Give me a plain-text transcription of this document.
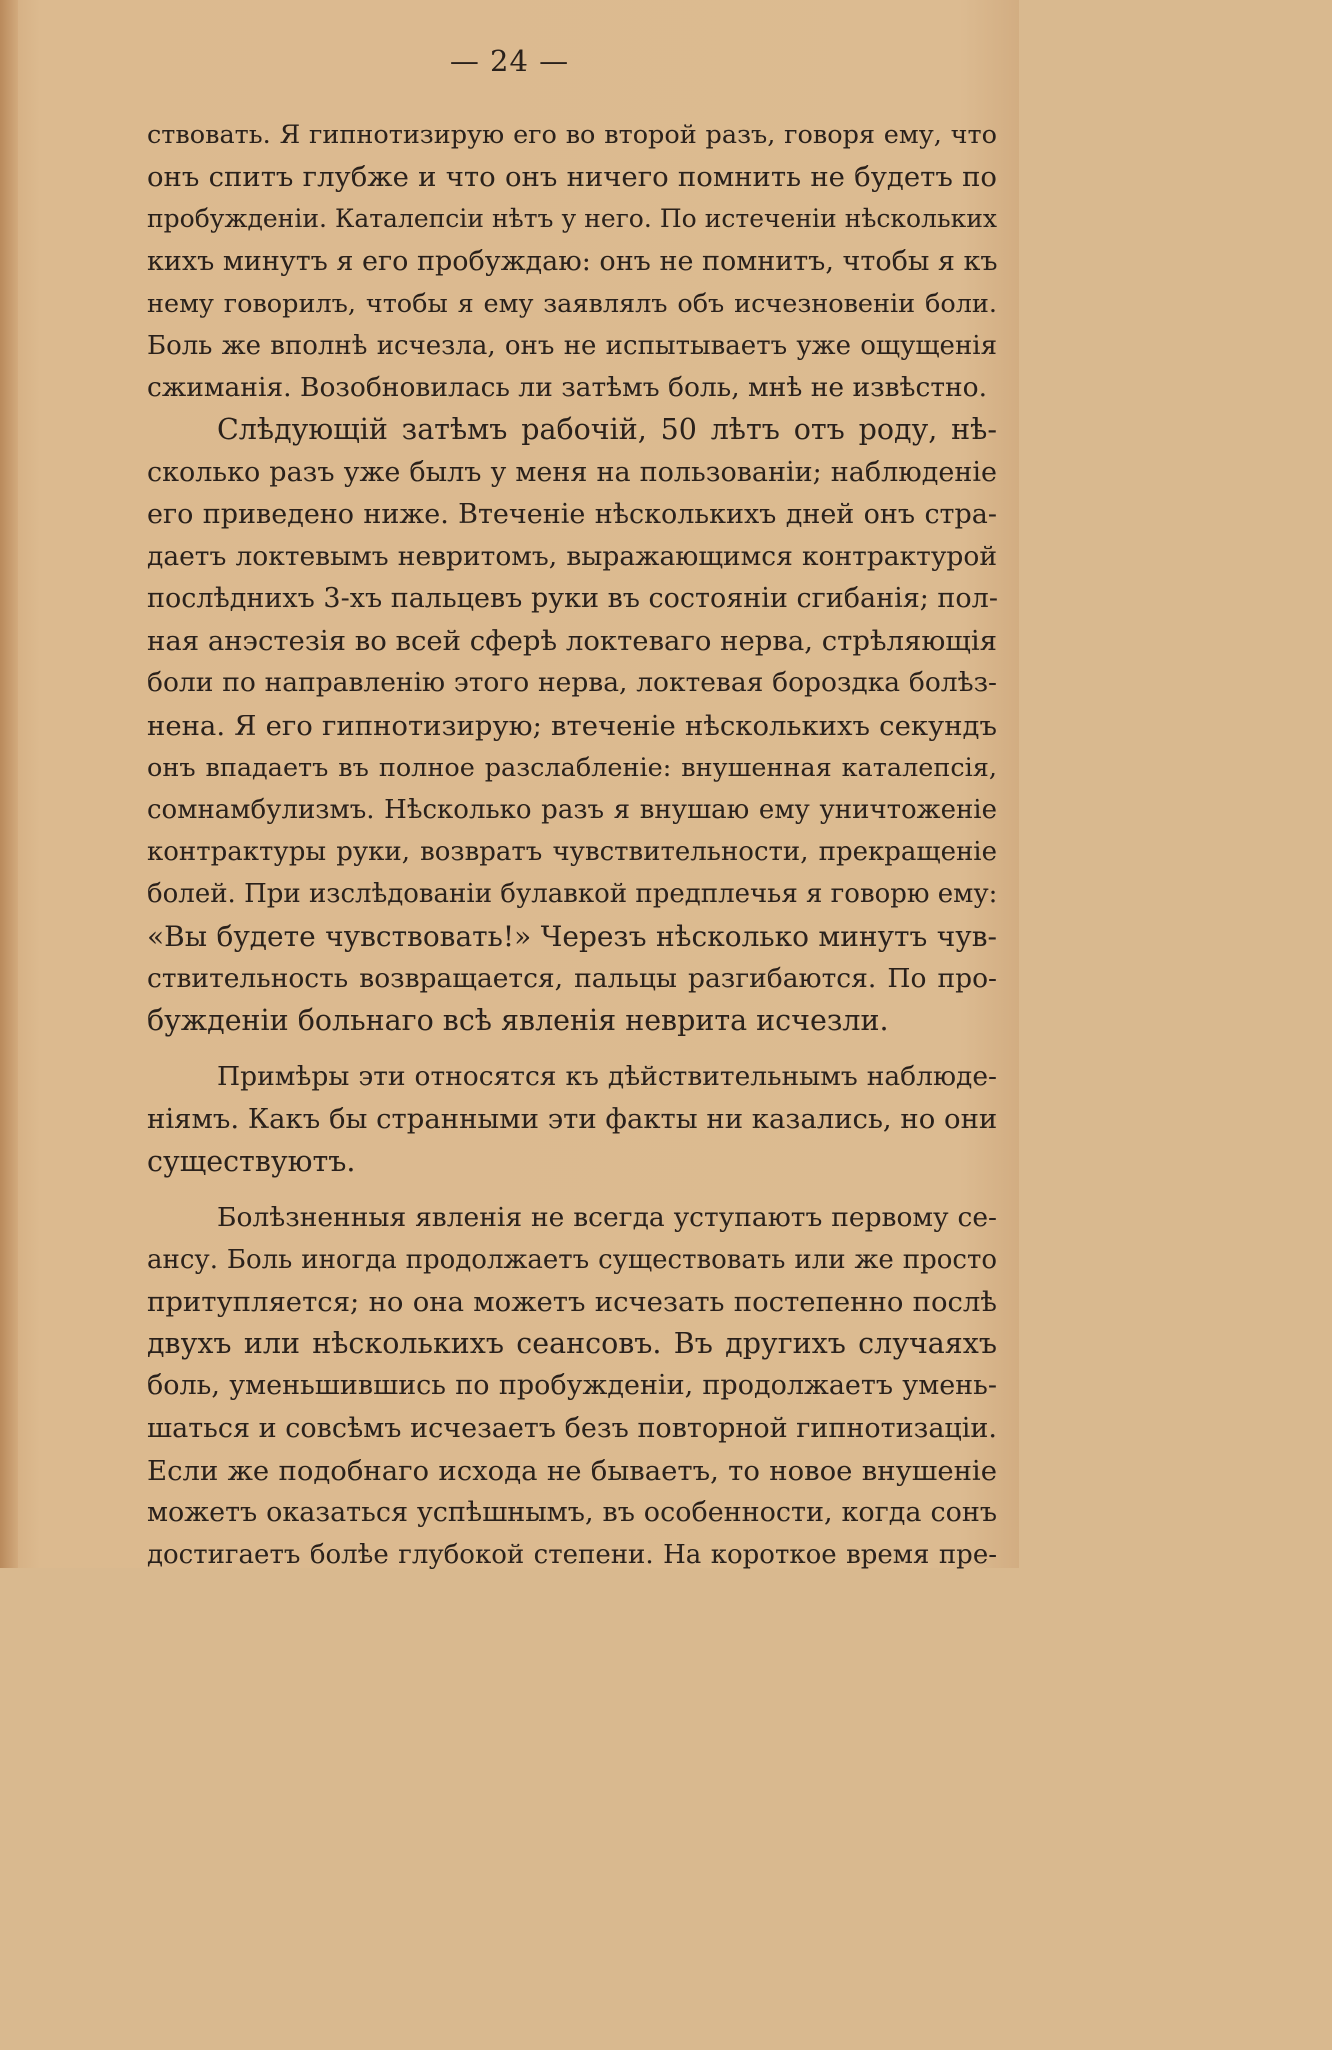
— 24 —
ствовать. Я гипнотизирую его во второй разъ, говоря ему, что
онъ спитъ глубже и что онъ ничего помнить не будетъ по
пробужденiи. Каталепсiи нѣтъ у него. По истеченiи нѣскольких
кихъ минутъ я его пробуждаю: онъ не помнитъ, чтобы я къ
нему говорилъ, чтобы я ему заявлялъ объ исчезновенiи боли.
Боль же вполнѣ исчезла, онъ не испытываетъ уже ощущенiя
сжиманiя. Возобновилась ли затѣмъ боль, мнѣ не извѣстно.
Слѣдующiй затѣмъ рабочiй, 50 лѣтъ отъ роду, нѣ-
сколько разъ уже былъ у меня на пользованiи; наблюденiе
его приведено ниже. Втеченiе нѣсколькихъ дней онъ стра-
даетъ локтевымъ невритомъ, выражающимся контрактурой
послѣднихъ 3-хъ пальцевъ руки въ состоянiи сгибанiя; пол-
ная анэстезiя во всей сферѣ локтеваго нерва, стрѣляющiя
боли по направленiю этого нерва, локтевая бороздка болѣз-
нена. Я его гипнотизирую; втеченiе нѣсколькихъ секундъ
онъ впадаетъ въ полное разслабленiе: внушенная каталепсiя,
сомнамбулизмъ. Нѣсколько разъ я внушаю ему уничтоженiе
контрактуры руки, возвратъ чувствительности, прекращенiе
болей. При изслѣдованiи булавкой предплечья я говорю ему:
«Вы будете чувствовать!» Черезъ нѣсколько минутъ чув-
ствительность возвращается, пальцы разгибаются. По про-
бужденiи больнаго всѣ явленiя неврита исчезли.
Примѣры эти относятся къ дѣйствительнымъ наблюде-
нiямъ. Какъ бы странными эти факты ни казались, но они
существуютъ.
Болѣзненныя явленiя не всегда уступаютъ первому се-
ансу. Боль иногда продолжаетъ существовать или же просто
притупляется; но она можетъ исчезать постепенно послѣ
двухъ или нѣсколькихъ сеансовъ. Въ другихъ случаяхъ
боль, уменьшившись по пробужденiи, продолжаетъ умень-
шаться и совсѣмъ исчезаетъ безъ повторной гипнотизацiи.
Если же подобнаго исхода не бываетъ, то новое внушенiе
можетъ оказаться успѣшнымъ, въ особенности, когда сонъ
достигаетъ болѣе глубокой степени. На короткое время пре-
